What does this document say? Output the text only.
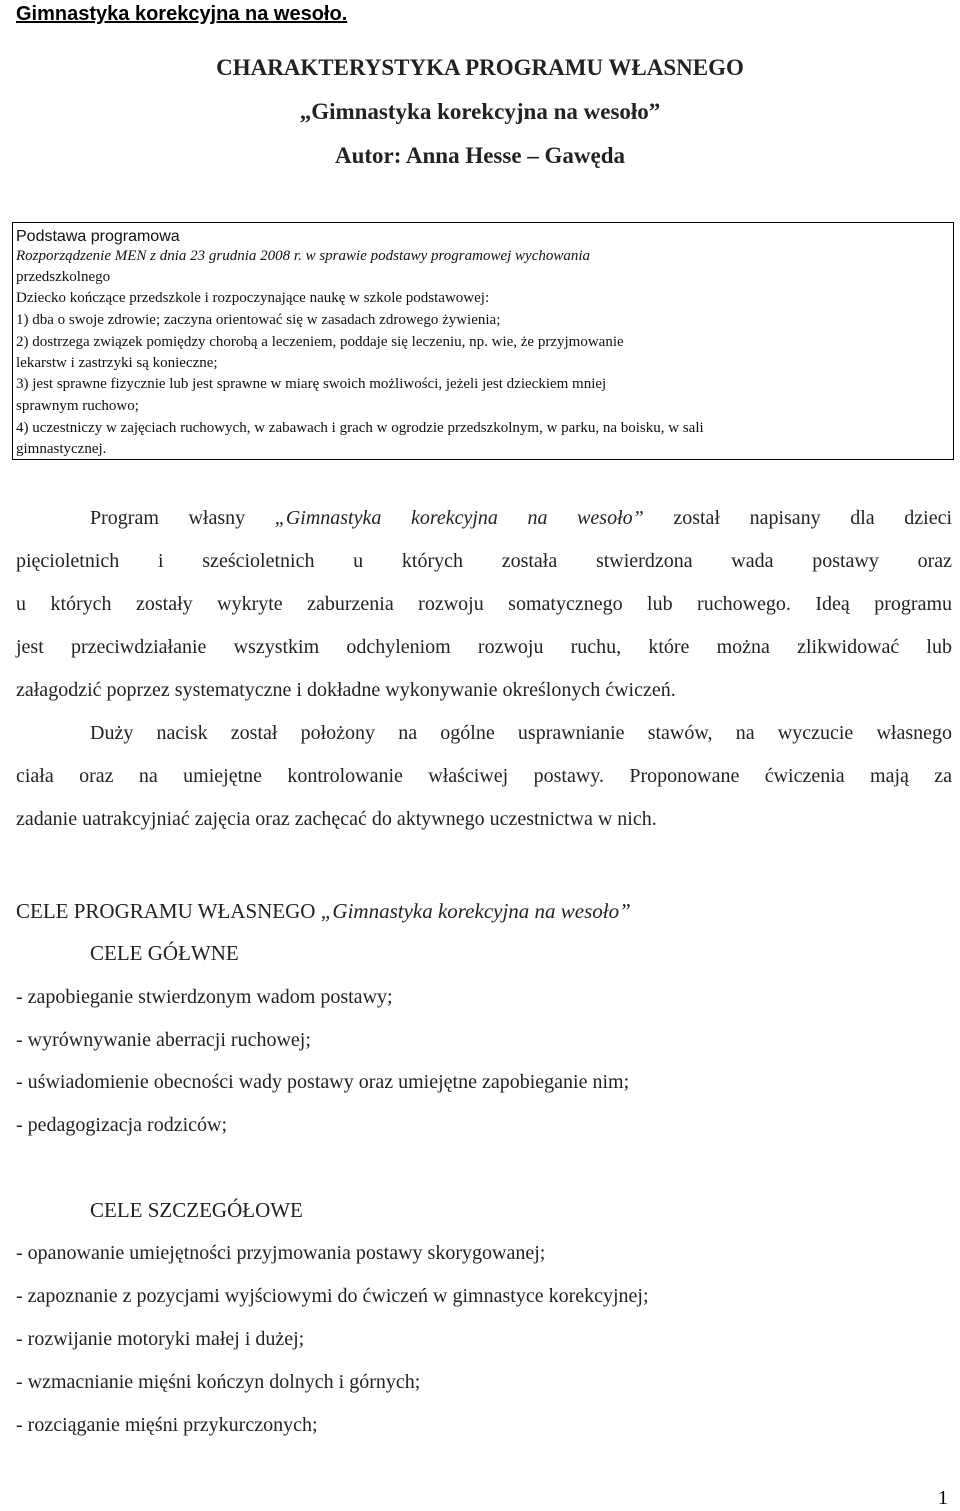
Gimnastyka korekcyjna na wesoło.
CHARAKTERYSTYKA PROGRAMU WŁASNEGO
„Gimnastyka korekcyjna na wesoło”
Autor: Anna Hesse – Gawęda
Podstawa programowa
Rozporządzenie MEN z dnia 23 grudnia 2008 r. w sprawie podstawy programowej wychowania
przedszkolnego
Dziecko kończące przedszkole i rozpoczynające naukę w szkole podstawowej:
1) dba o swoje zdrowie; zaczyna orientować się w zasadach zdrowego żywienia;
2) dostrzega związek pomiędzy chorobą a leczeniem, poddaje się leczeniu, np. wie, że przyjmowanie
lekarstw i zastrzyki są konieczne;
3) jest sprawne fizycznie lub jest sprawne w miarę swoich możliwości, jeżeli jest dzieckiem mniej
sprawnym ruchowo;
4) uczestniczy w zajęciach ruchowych, w zabawach i grach w ogrodzie przedszkolnym, w parku, na boisku, w sali
gimnastycznej.
Program własny „Gimnastyka korekcyjna na wesoło” został napisany dla dzieci
pięcioletnich i sześcioletnich u których została stwierdzona wada postawy oraz
u których zostały wykryte zaburzenia rozwoju somatycznego lub ruchowego. Ideą programu
jest przeciwdziałanie wszystkim odchyleniom rozwoju ruchu, które można zlikwidować lub
załagodzić poprzez systematyczne i dokładne wykonywanie określonych ćwiczeń.
Duży nacisk został położony na ogólne usprawnianie stawów, na wyczucie własnego
ciała oraz na umiejętne kontrolowanie właściwej postawy. Proponowane ćwiczenia mają za
zadanie uatrakcyjniać zajęcia oraz zachęcać do aktywnego uczestnictwa w nich.
CELE PROGRAMU WŁASNEGO „Gimnastyka korekcyjna na wesoło”
CELE GÓŁWNE
- zapobieganie stwierdzonym wadom postawy;
- wyrównywanie aberracji ruchowej;
- uświadomienie obecności wady postawy oraz umiejętne zapobieganie nim;
- pedagogizacja rodziców;
CELE SZCZEGÓŁOWE
- opanowanie umiejętności przyjmowania postawy skorygowanej;
- zapoznanie z pozycjami wyjściowymi do ćwiczeń w gimnastyce korekcyjnej;
- rozwijanie motoryki małej i dużej;
- wzmacnianie mięśni kończyn dolnych i górnych;
- rozciąganie mięśni przykurczonych;
1
